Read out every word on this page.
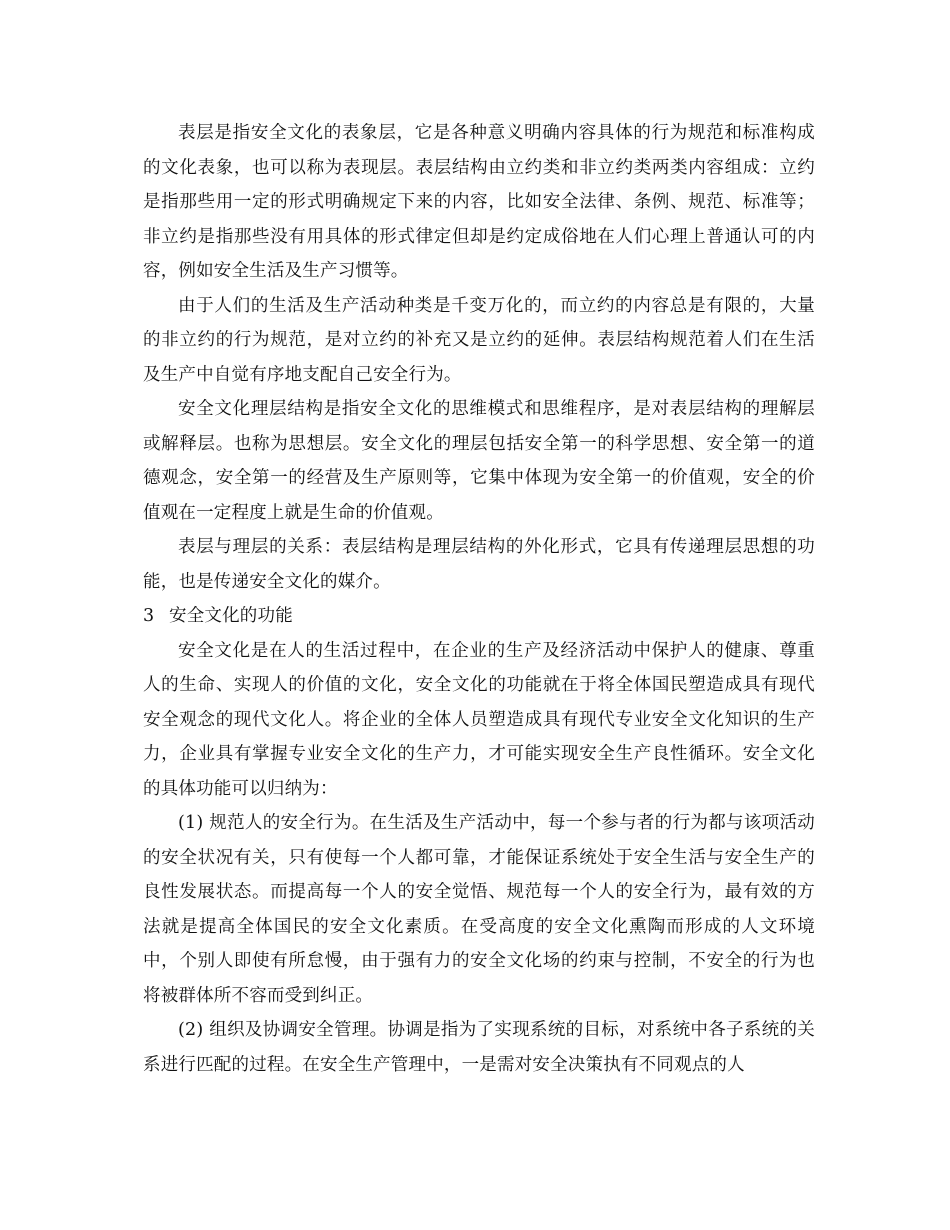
表层是指安全文化的表象层，它是各种意义明确内容具体的行为规范和标准构成的文化表象，也可以称为表现层。表层结构由立约类和非立约类两类内容组成：立约是指那些用一定的形式明确规定下来的内容，比如安全法律、条例、规范、标准等；非立约是指那些没有用具体的形式律定但却是约定成俗地在人们心理上普通认可的内容，例如安全生活及生产习惯等。

由于人们的生活及生产活动种类是千变万化的，而立约的内容总是有限的，大量的非立约的行为规范，是对立约的补充又是立约的延伸。表层结构规范着人们在生活及生产中自觉有序地支配自己安全行为。

安全文化理层结构是指安全文化的思维模式和思维程序，是对表层结构的理解层或解释层。也称为思想层。安全文化的理层包括安全第一的科学思想、安全第一的道德观念，安全第一的经营及生产原则等，它集中体现为安全第一的价值观，安全的价值观在一定程度上就是生命的价值观。

表层与理层的关系：表层结构是理层结构的外化形式，它具有传递理层思想的功能，也是传递安全文化的媒介。

3 安全文化的功能

安全文化是在人的生活过程中，在企业的生产及经济活动中保护人的健康、尊重人的生命、实现人的价值的文化，安全文化的功能就在于将全体国民塑造成具有现代安全观念的现代文化人。将企业的全体人员塑造成具有现代专业安全文化知识的生产力，企业具有掌握专业安全文化的生产力，才可能实现安全生产良性循环。安全文化的具体功能可以归纳为：

(1) 规范人的安全行为。在生活及生产活动中，每一个参与者的行为都与该项活动的安全状况有关，只有使每一个人都可靠，才能保证系统处于安全生活与安全生产的良性发展状态。而提高每一个人的安全觉悟、规范每一个人的安全行为，最有效的方法就是提高全体国民的安全文化素质。在受高度的安全文化熏陶而形成的人文环境中，个别人即使有所怠慢，由于强有力的安全文化场的约束与控制，不安全的行为也将被群体所不容而受到纠正。

(2) 组织及协调安全管理。协调是指为了实现系统的目标，对系统中各子系统的关系进行匹配的过程。在安全生产管理中，一是需对安全决策执有不同观点的人
